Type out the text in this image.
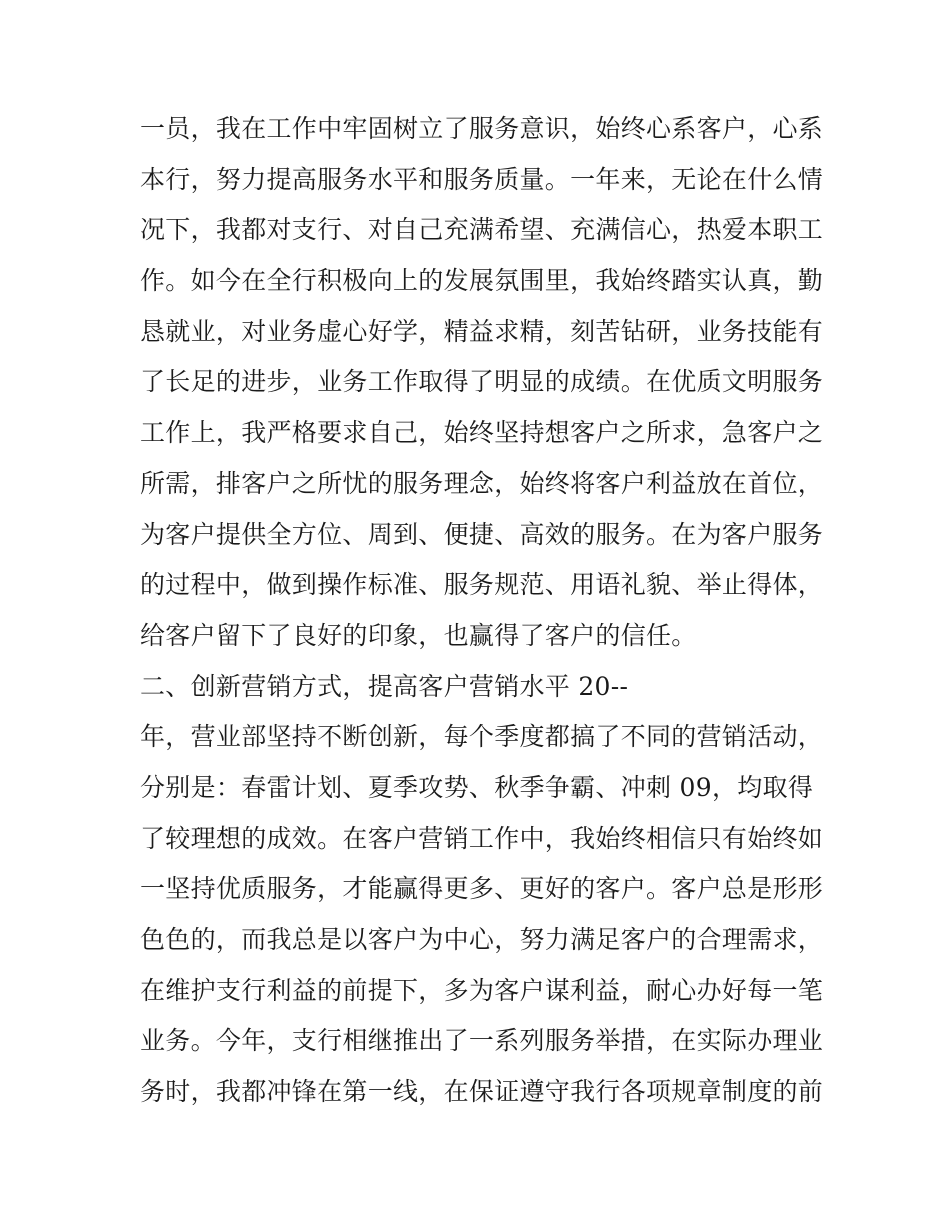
一员，我在工作中牢固树立了服务意识，始终心系客户，心系
本行，努力提高服务水平和服务质量。一年来，无论在什么情
况下，我都对支行、对自己充满希望、充满信心，热爱本职工
作。如今在全行积极向上的发展氛围里，我始终踏实认真，勤
恳就业，对业务虚心好学，精益求精，刻苦钻研，业务技能有
了长足的进步，业务工作取得了明显的成绩。在优质文明服务
工作上，我严格要求自己，始终坚持想客户之所求，急客户之
所需，排客户之所忧的服务理念，始终将客户利益放在首位，
为客户提供全方位、周到、便捷、高效的服务。在为客户服务
的过程中，做到操作标准、服务规范、用语礼貌、举止得体，
给客户留下了良好的印象，也赢得了客户的信任。
二、创新营销方式，提高客户营销水平 20--
年，营业部坚持不断创新，每个季度都搞了不同的营销活动，
分别是：春雷计划、夏季攻势、秋季争霸、冲刺 09，均取得
了较理想的成效。在客户营销工作中，我始终相信只有始终如
一坚持优质服务，才能赢得更多、更好的客户。客户总是形形
色色的，而我总是以客户为中心，努力满足客户的合理需求，
在维护支行利益的前提下，多为客户谋利益，耐心办好每一笔
业务。今年，支行相继推出了一系列服务举措，在实际办理业
务时，我都冲锋在第一线，在保证遵守我行各项规章制度的前
